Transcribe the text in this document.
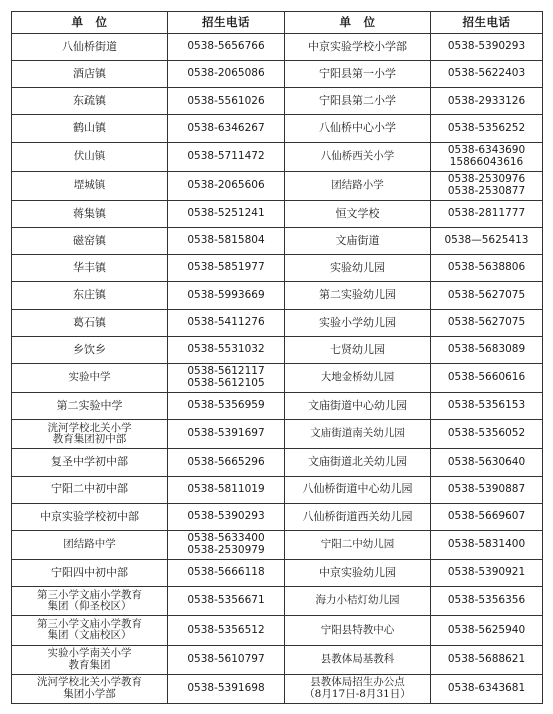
单　位	招生电话	单　位	招生电话

八仙桥街道	0538-5656766	中京实验学校小学部	0538-5390293

酒店镇	0538-2065086	宁阳县第一小学	0538-5622403

东疏镇	0538-5561026	宁阳县第二小学	0538-2933126

鹤山镇	0538-6346267	八仙桥中心小学	0538-5356252

伏山镇	0538-5711472	八仙桥西关小学	0538-6343690
15866043616

堽城镇	0538-2065606	团结路小学	0538-2530976
0538-2530877

蒋集镇	0538-5251241	恒文学校	0538-2811777

磁窑镇	0538-5815804	文庙街道	0538—5625413

华丰镇	0538-5851977	实验幼儿园	0538-5638806

东庄镇	0538-5993669	第二实验幼儿园	0538-5627075

葛石镇	0538-5411276	实验小学幼儿园	0538-5627075

乡饮乡	0538-5531032	七贤幼儿园	0538-5683089

实验中学	0538-5612117
0538-5612105	大地金桥幼儿园	0538-5660616

第二实验中学	0538-5356959	文庙街道中心幼儿园	0538-5356153

洸河学校北关小学
教育集团初中部	0538-5391697	文庙街道南关幼儿园	0538-5356052

复圣中学初中部	0538-5665296	文庙街道北关幼儿园	0538-5630640

宁阳二中初中部	0538-5811019	八仙桥街道中心幼儿园	0538-5390887

中京实验学校初中部	0538-5390293	八仙桥街道西关幼儿园	0538-5669607

团结路中学	0538-5633400
0538-2530979	宁阳二中幼儿园	0538-5831400

宁阳四中初中部	0538-5666118	中京实验幼儿园	0538-5390921

第三小学文庙小学教育
集团（仰圣校区）	0538-5356671	海力小桔灯幼儿园	0538-5356356

第三小学文庙小学教育
集团（文庙校区）	0538-5356512	宁阳县特教中心	0538-5625940

实验小学南关小学
教育集团	0538-5610797	县教体局基教科	0538-5688621

洸河学校北关小学教育
集团小学部	0538-5391698	县教体局招生办公点
（8月17日-8月31日）	0538-6343681
